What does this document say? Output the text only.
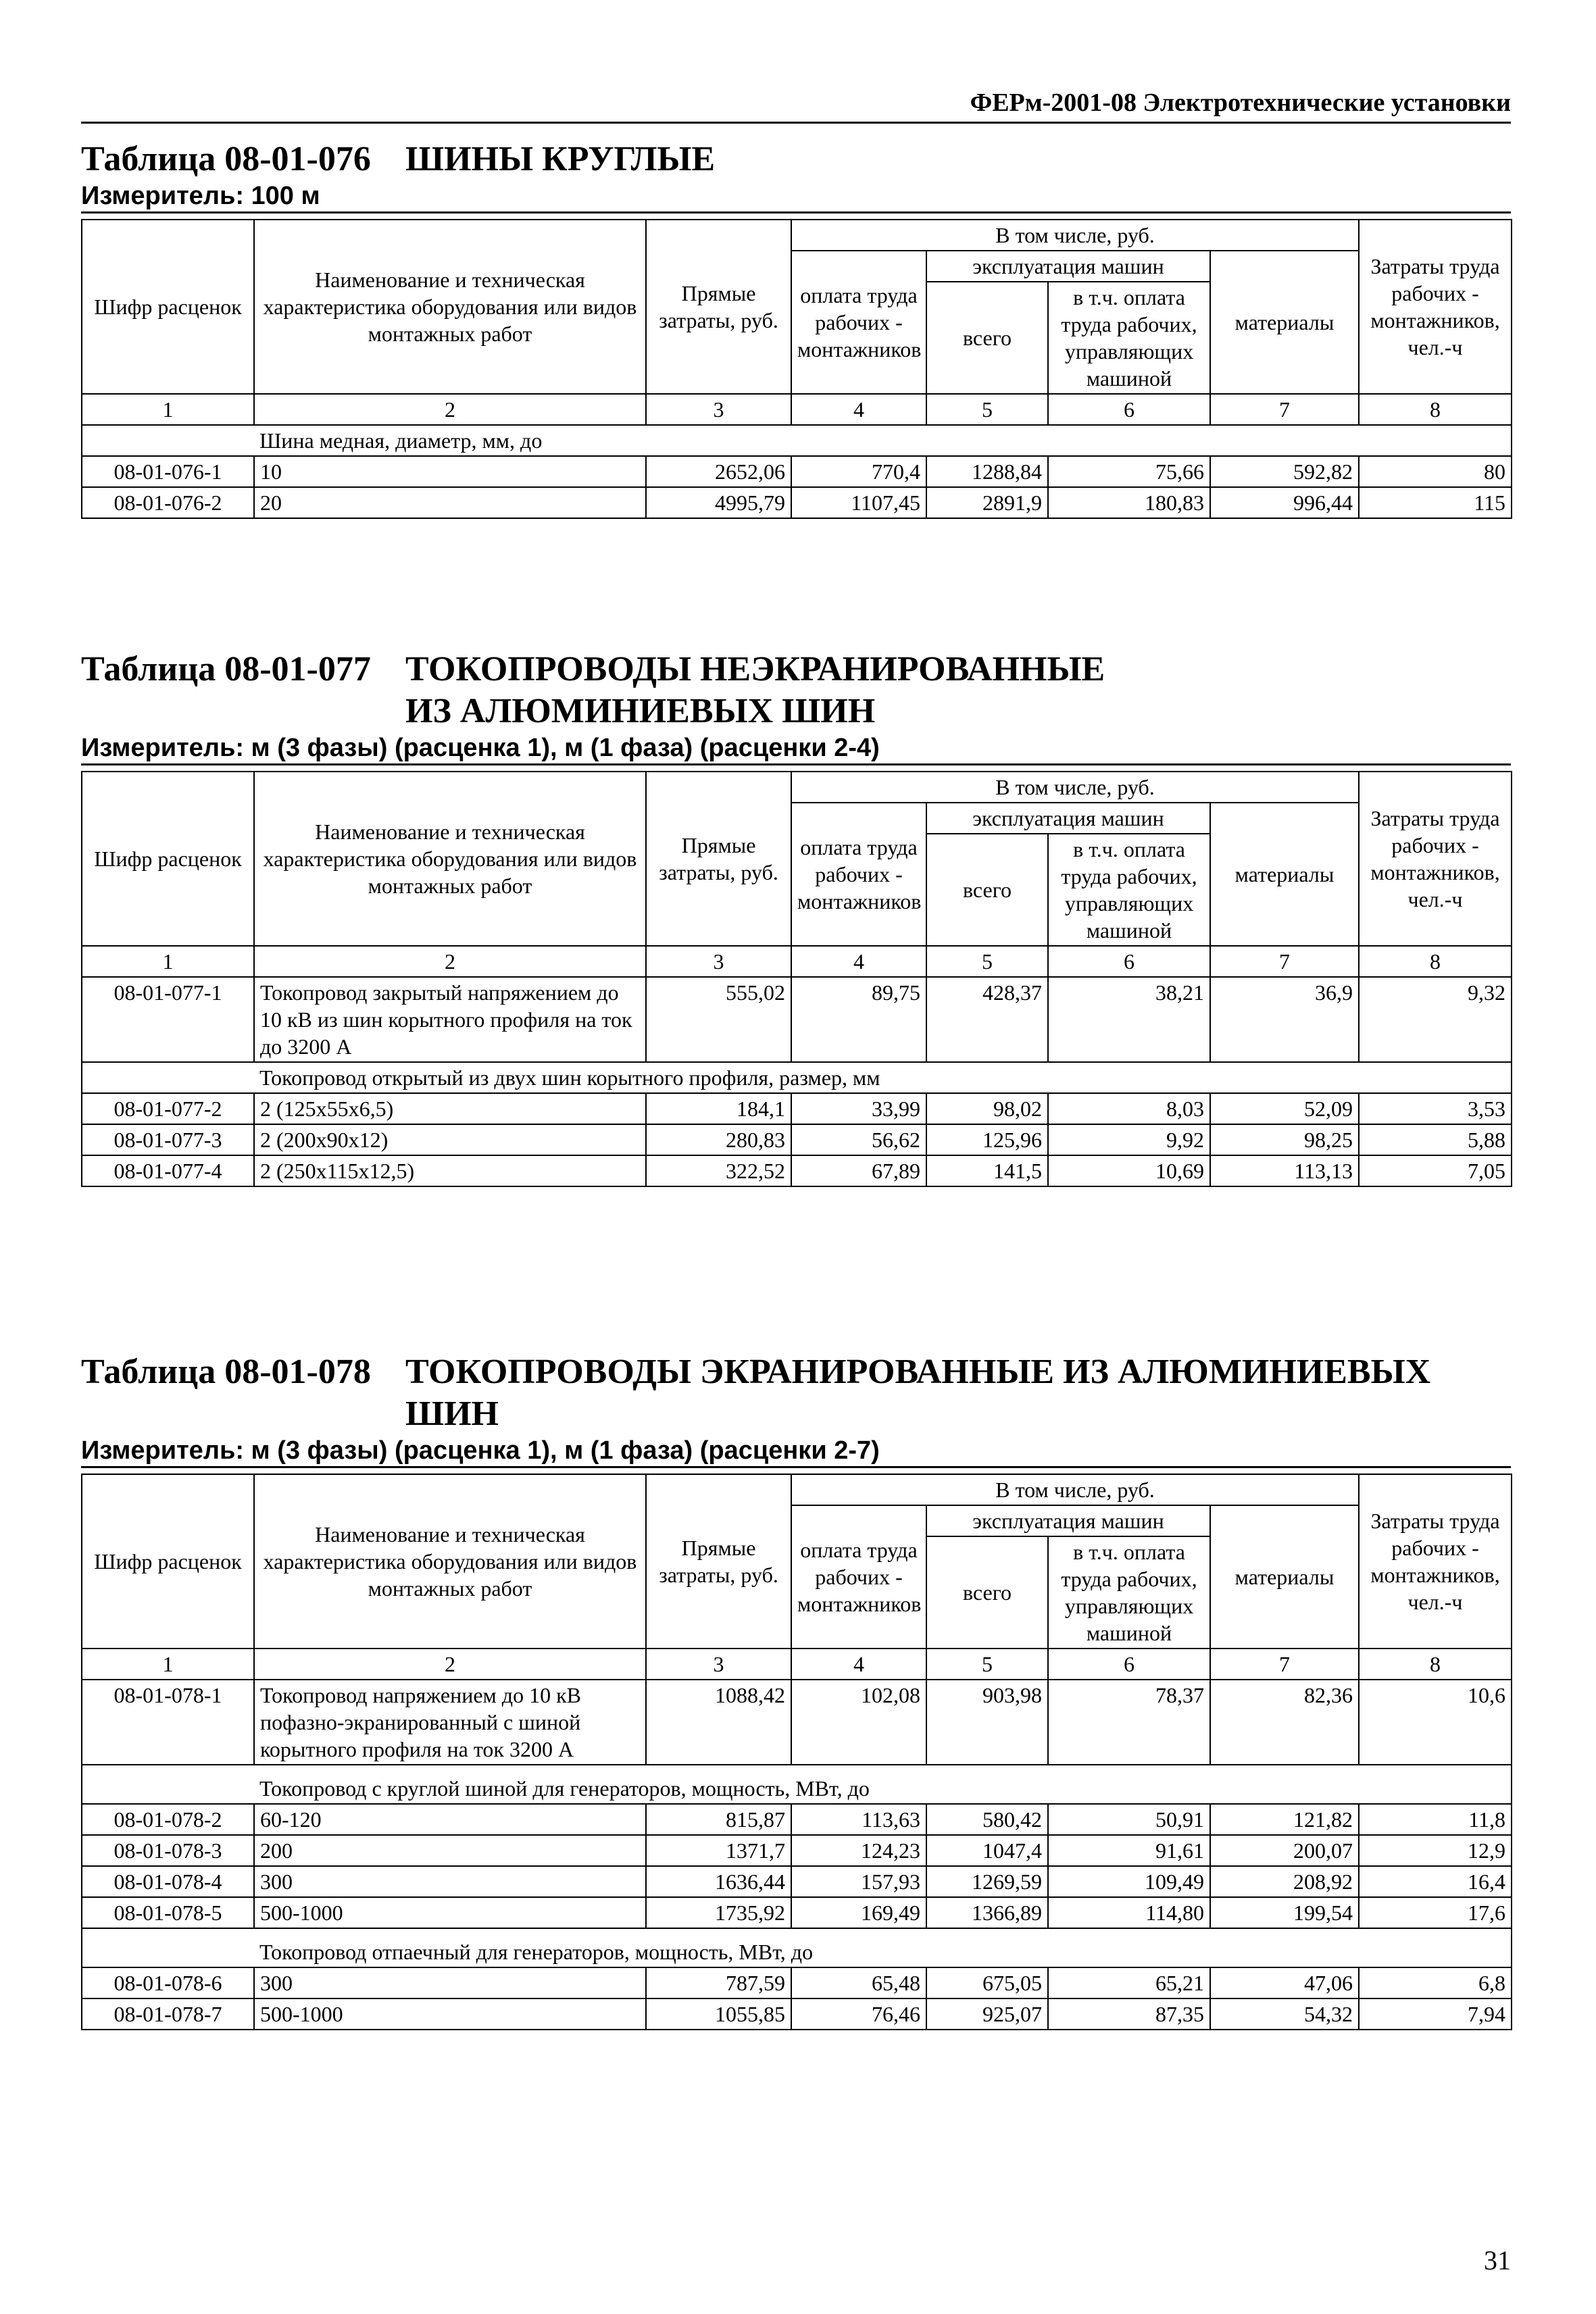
ФЕРм-2001-08 Электротехнические установки
Таблица 08-01-076 ШИНЫ КРУГЛЫЕ
Измеритель: 100 м
Шифр расценок	Наименование и техническая характеристика оборудования или видов монтажных работ	Прямые затраты, руб.	В том числе, руб.				Затраты труда рабочих - монтажников, чел.-ч
			оплата труда рабочих - монтажников	эксплуатация машин		материалы	
				всего	в т.ч. оплата труда рабочих, управляющих машиной		
1	2	3	4	5	6	7	8
	Шина медная, диаметр, мм, до						
08-01-076-1	10	2652,06	770,4	1288,84	75,66	592,82	80
08-01-076-2	20	4995,79	1107,45	2891,9	180,83	996,44	115
Таблица 08-01-077 ТОКОПРОВОДЫ НЕЭКРАНИРОВАННЫЕ ИЗ АЛЮМИНИЕВЫХ ШИН
Измеритель: м (3 фазы) (расценка 1), м (1 фаза) (расценки 2-4)
Шифр расценок	Наименование и техническая характеристика оборудования или видов монтажных работ	Прямые затраты, руб.	В том числе, руб.				Затраты труда рабочих - монтажников, чел.-ч
			оплата труда рабочих - монтажников	эксплуатация машин		материалы	
				всего	в т.ч. оплата труда рабочих, управляющих машиной		
1	2	3	4	5	6	7	8
08-01-077-1	Токопровод закрытый напряжением до 10 кВ из шин корытного профиля на ток до 3200 А	555,02	89,75	428,37	38,21	36,9	9,32
	Токопровод открытый из двух шин корытного профиля, размер, мм						
08-01-077-2	2 (125x55x6,5)	184,1	33,99	98,02	8,03	52,09	3,53
08-01-077-3	2 (200x90x12)	280,83	56,62	125,96	9,92	98,25	5,88
08-01-077-4	2 (250x115x12,5)	322,52	67,89	141,5	10,69	113,13	7,05
Таблица 08-01-078 ТОКОПРОВОДЫ ЭКРАНИРОВАННЫЕ ИЗ АЛЮМИНИЕВЫХ ШИН
Измеритель: м (3 фазы) (расценка 1), м (1 фаза) (расценки 2-7)
Шифр расценок	Наименование и техническая характеристика оборудования или видов монтажных работ	Прямые затраты, руб.	В том числе, руб.				Затраты труда рабочих - монтажников, чел.-ч
			оплата труда рабочих - монтажников	эксплуатация машин		материалы	
				всего	в т.ч. оплата труда рабочих, управляющих машиной		
1	2	3	4	5	6	7	8
08-01-078-1	Токопровод напряжением до 10 кВ пофазно-экранированный с шиной корытного профиля на ток 3200 А	1088,42	102,08	903,98	78,37	82,36	10,6
	Токопровод с круглой шиной для генераторов, мощность, МВт, до						
08-01-078-2	60-120	815,87	113,63	580,42	50,91	121,82	11,8
08-01-078-3	200	1371,7	124,23	1047,4	91,61	200,07	12,9
08-01-078-4	300	1636,44	157,93	1269,59	109,49	208,92	16,4
08-01-078-5	500-1000	1735,92	169,49	1366,89	114,80	199,54	17,6
	Токопровод отпаечный для генераторов, мощность, МВт, до						
08-01-078-6	300	787,59	65,48	675,05	65,21	47,06	6,8
08-01-078-7	500-1000	1055,85	76,46	925,07	87,35	54,32	7,94
31
